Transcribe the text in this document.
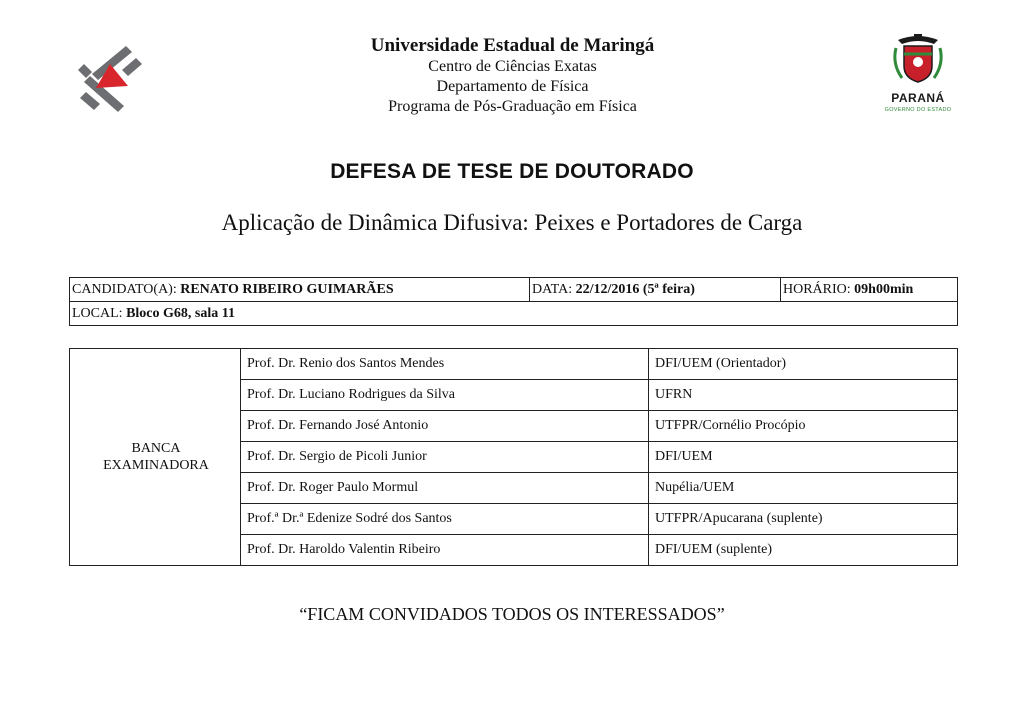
Universidade Estadual de Maringá
Centro de Ciências Exatas
Departamento de Física
Programa de Pós-Graduação em Física	PARANÁ
GOVERNO DO ESTADO
DEFESA DE TESE DE DOUTORADO
Aplicação de Dinâmica Difusiva: Peixes e Portadores de Carga
CANDIDATO(A): RENATO RIBEIRO GUIMARÃES	DATA: 22/12/2016 (5ª feira)	HORÁRIO: 09h00min
LOCAL: Bloco G68, sala 11
BANCA
EXAMINADORA	Prof. Dr. Renio dos Santos Mendes	DFI/UEM (Orientador)
	Prof. Dr. Luciano Rodrigues da Silva	UFRN
	Prof. Dr. Fernando José Antonio	UTFPR/Cornélio Procópio
	Prof. Dr. Sergio de Picoli Junior	DFI/UEM
	Prof. Dr. Roger Paulo Mormul	Nupélia/UEM
	Prof.ª Dr.ª Edenize Sodré dos Santos	UTFPR/Apucarana (suplente)
	Prof. Dr. Haroldo Valentin Ribeiro	DFI/UEM (suplente)
“FICAM CONVIDADOS TODOS OS INTERESSADOS”
